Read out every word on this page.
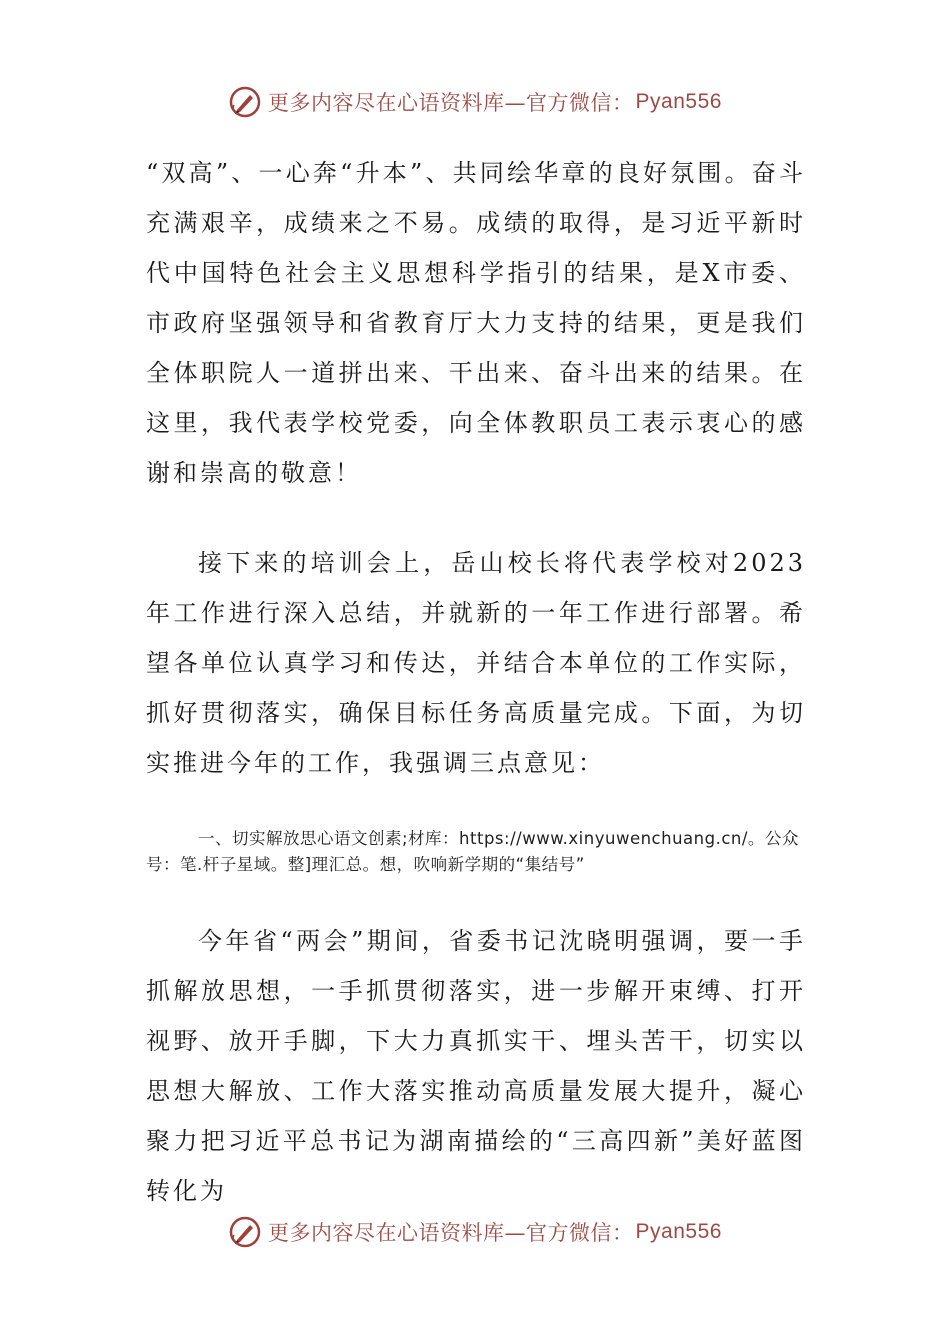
更多内容尽在心语资料库—官方微信： Pyan556

“双高”、一心奔“升本”、共同绘华章的良好氛围。奋斗充满艰辛，成绩来之不易。成绩的取得，是习近平新时代中国特色社会主义思想科学指引的结果，是X市委、市政府坚强领导和省教育厅大力支持的结果，更是我们全体职院人一道拼出来、干出来、奋斗出来的结果。在这里，我代表学校党委，向全体教职员工表示衷心的感谢和崇高的敬意！

接下来的培训会上，岳山校长将代表学校对2023年工作进行深入总结，并就新的一年工作进行部署。希望各单位认真学习和传达，并结合本单位的工作实际，抓好贯彻落实，确保目标任务高质量完成。下面，为切实推进今年的工作，我强调三点意见：

一、切实解放思心语文创素;材库：https://www.xinyuwenchuang.cn/。公众号：笔.杆子星域。整]理汇总。想，吹响新学期的“集结号”

今年省“两会”期间，省委书记沈晓明强调，要一手抓解放思想，一手抓贯彻落实，进一步解开束缚、打开视野、放开手脚，下大力真抓实干、埋头苦干，切实以思想大解放、工作大落实推动高质量发展大提升，凝心聚力把习近平总书记为湖南描绘的“三高四新”美好蓝图转化为

更多内容尽在心语资料库—官方微信： Pyan556
